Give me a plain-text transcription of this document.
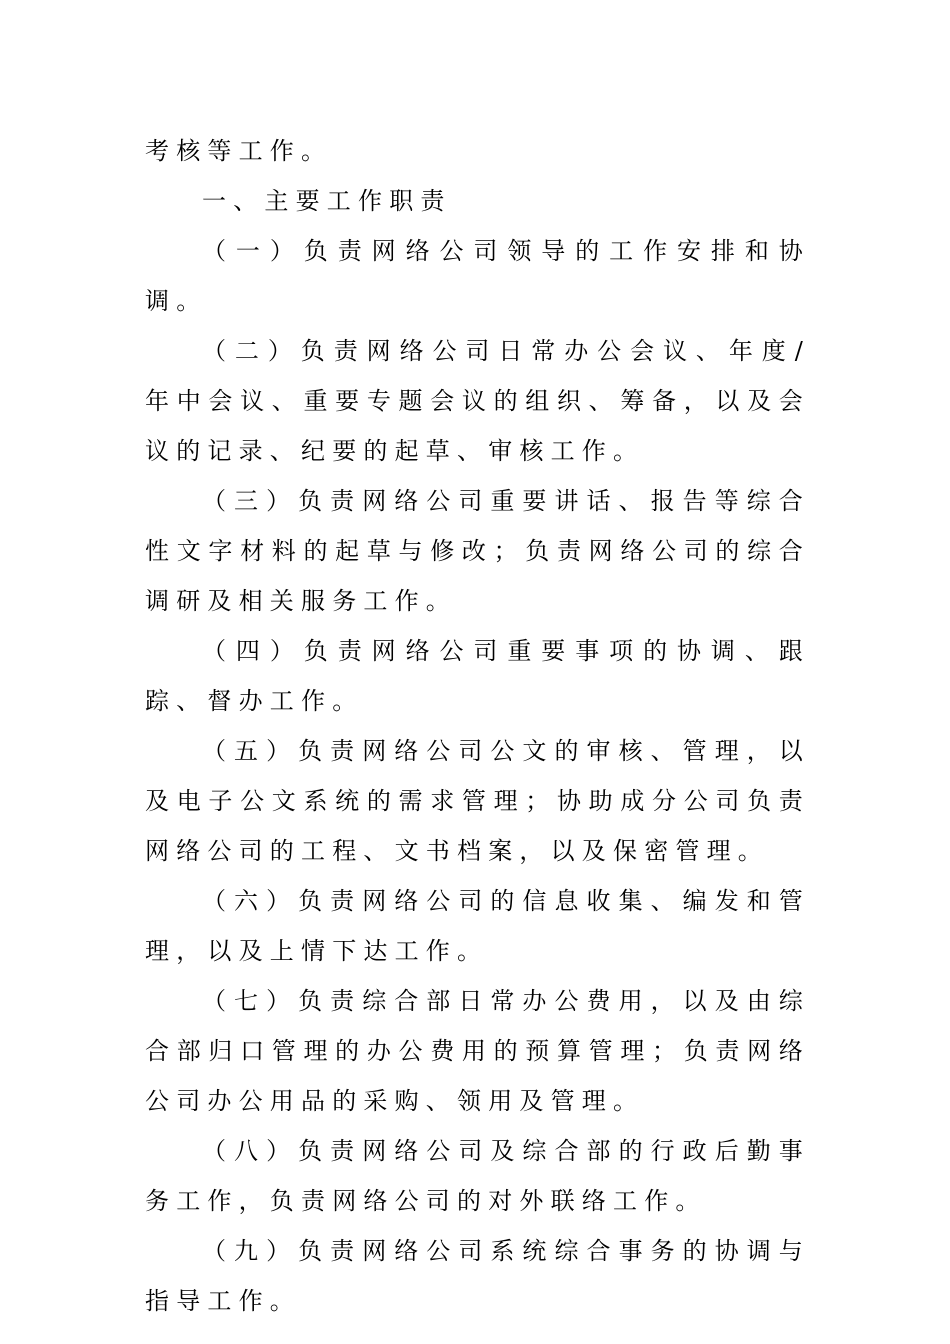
考核等工作。

一、主要工作职责

（一）负责网络公司领导的工作安排和协调。

（二）负责网络公司日常办公会议、年度/年中会议、重要专题会议的组织、筹备，以及会议的记录、纪要的起草、审核工作。

（三）负责网络公司重要讲话、报告等综合性文字材料的起草与修改；负责网络公司的综合调研及相关服务工作。

（四）负责网络公司重要事项的协调、跟踪、督办工作。

（五）负责网络公司公文的审核、管理，以及电子公文系统的需求管理；协助成分公司负责网络公司的工程、文书档案，以及保密管理。

（六）负责网络公司的信息收集、编发和管理，以及上情下达工作。

（七）负责综合部日常办公费用，以及由综合部归口管理的办公费用的预算管理；负责网络公司办公用品的采购、领用及管理。

（八）负责网络公司及综合部的行政后勤事务工作，负责网络公司的对外联络工作。

（九）负责网络公司系统综合事务的协调与指导工作。
